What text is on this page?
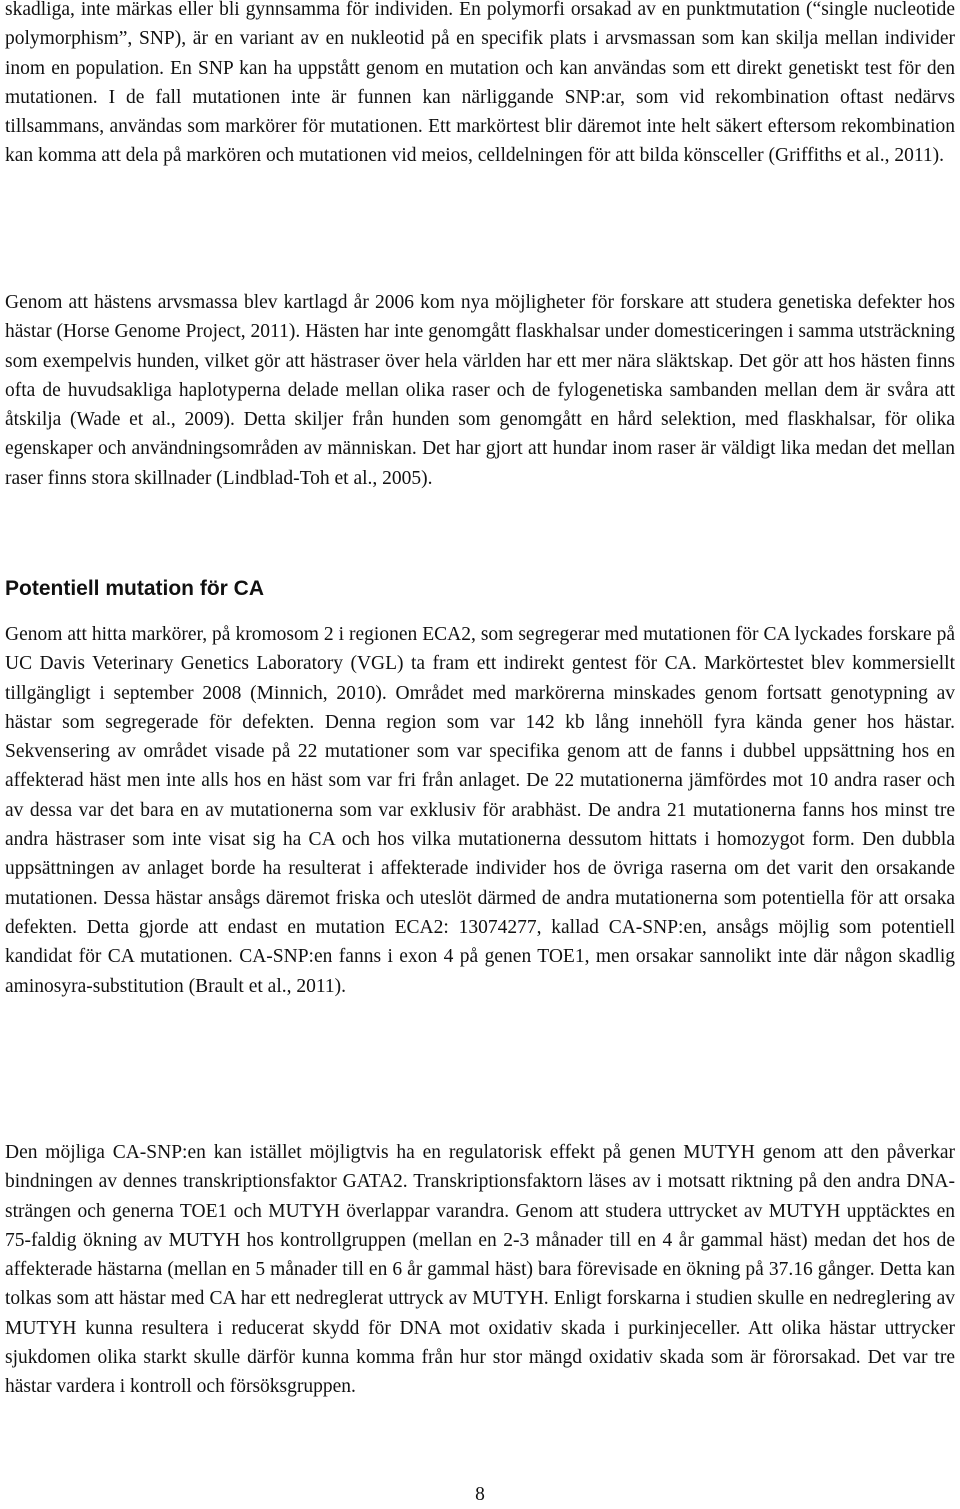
skadliga, inte märkas eller bli gynnsamma för individen. En polymorfi orsakad av en punktmutation (“single nucleotide polymorphism”, SNP), är en variant av en nukleotid på en specifik plats i arvsmassan som kan skilja mellan individer inom en population. En SNP kan ha uppstått genom en mutation och kan användas som ett direkt genetiskt test för den mutationen. I de fall mutationen inte är funnen kan närliggande SNP:ar, som vid rekombination oftast nedärvs tillsammans, användas som markörer för mutationen. Ett markörtest blir däremot inte helt säkert eftersom rekombination kan komma att dela på markören och mutationen vid meios, celldelningen för att bilda könsceller (Griffiths et al., 2011).

Genom att hästens arvsmassa blev kartlagd år 2006 kom nya möjligheter för forskare att studera genetiska defekter hos hästar (Horse Genome Project, 2011). Hästen har inte genomgått flaskhalsar under domesticeringen i samma utsträckning som exempelvis hunden, vilket gör att hästraser över hela världen har ett mer nära släktskap. Det gör att hos hästen finns ofta de huvudsakliga haplotyperna delade mellan olika raser och de fylogenetiska sambanden mellan dem är svåra att åtskilja (Wade et al., 2009). Detta skiljer från hunden som genomgått en hård selektion, med flaskhalsar, för olika egenskaper och användningsområden av människan. Det har gjort att hundar inom raser är väldigt lika medan det mellan raser finns stora skillnader (Lindblad-Toh et al., 2005).

Potentiell mutation för CA

Genom att hitta markörer, på kromosom 2 i regionen ECA2, som segregerar med mutationen för CA lyckades forskare på UC Davis Veterinary Genetics Laboratory (VGL) ta fram ett indirekt gentest för CA. Markörtestet blev kommersiellt tillgängligt i september 2008 (Minnich, 2010). Området med markörerna minskades genom fortsatt genotypning av hästar som segregerade för defekten. Denna region som var 142 kb lång innehöll fyra kända gener hos hästar. Sekvensering av området visade på 22 mutationer som var specifika genom att de fanns i dubbel uppsättning hos en affekterad häst men inte alls hos en häst som var fri från anlaget. De 22 mutationerna jämfördes mot 10 andra raser och av dessa var det bara en av mutationerna som var exklusiv för arabhäst. De andra 21 mutationerna fanns hos minst tre andra hästraser som inte visat sig ha CA och hos vilka mutationerna dessutom hittats i homozygot form. Den dubbla uppsättningen av anlaget borde ha resulterat i affekterade individer hos de övriga raserna om det varit den orsakande mutationen. Dessa hästar ansågs däremot friska och uteslöt därmed de andra mutationerna som potentiella för att orsaka defekten. Detta gjorde att endast en mutation ECA2: 13074277, kallad CA-SNP:en, ansågs möjlig som potentiell kandidat för CA mutationen. CA-SNP:en fanns i exon 4 på genen TOE1, men orsakar sannolikt inte där någon skadlig aminosyra-substitution (Brault et al., 2011).

Den möjliga CA-SNP:en kan istället möjligtvis ha en regulatorisk effekt på genen MUTYH genom att den påverkar bindningen av dennes transkriptionsfaktor GATA2. Transkriptionsfaktorn läses av i motsatt riktning på den andra DNA-strängen och generna TOE1 och MUTYH överlappar varandra. Genom att studera uttrycket av MUTYH upptäcktes en 75-faldig ökning av MUTYH hos kontrollgruppen (mellan en 2-3 månader till en 4 år gammal häst) medan det hos de affekterade hästarna (mellan en 5 månader till en 6 år gammal häst) bara förevisade en ökning på 37.16 gånger. Detta kan tolkas som att hästar med CA har ett nedreglerat uttryck av MUTYH. Enligt forskarna i studien skulle en nedreglering av MUTYH kunna resultera i reducerat skydd för DNA mot oxidativ skada i purkinjeceller. Att olika hästar uttrycker sjukdomen olika starkt skulle därför kunna komma från hur stor mängd oxidativ skada som är förorsakad. Det var tre hästar vardera i kontroll och försöksgruppen.

8
